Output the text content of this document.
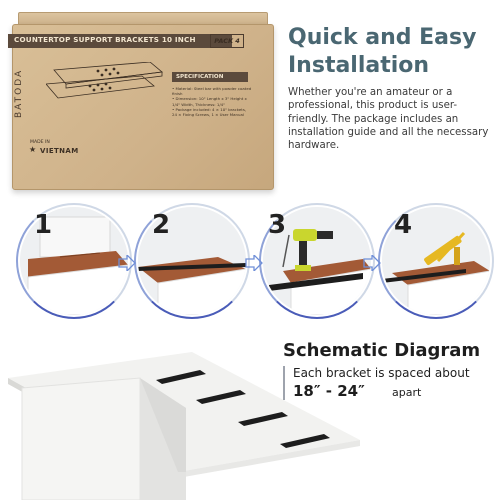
COUNTERTOP SUPPORT BRACKETS 10 INCH	PACK 4
BATODA	SPECIFICATION
• Material: Steel bar with powder coated finish
• Dimension: 10" Length x 3" Height x 1/4" Width, Thickness: 1/4"
• Package included: 4 × 10" brackets, 24 × Fixing Screws, 1 × User Manual
★
MADE IN
VIETNAM
Quick and Easy Installation
Whether you're an amateur or a professional, this product is user-friendly. The package includes an installation guide and all the necessary hardware.
1	2	3	4
Schematic Diagram
Each bracket is spaced about
18″ - 24″ apart
